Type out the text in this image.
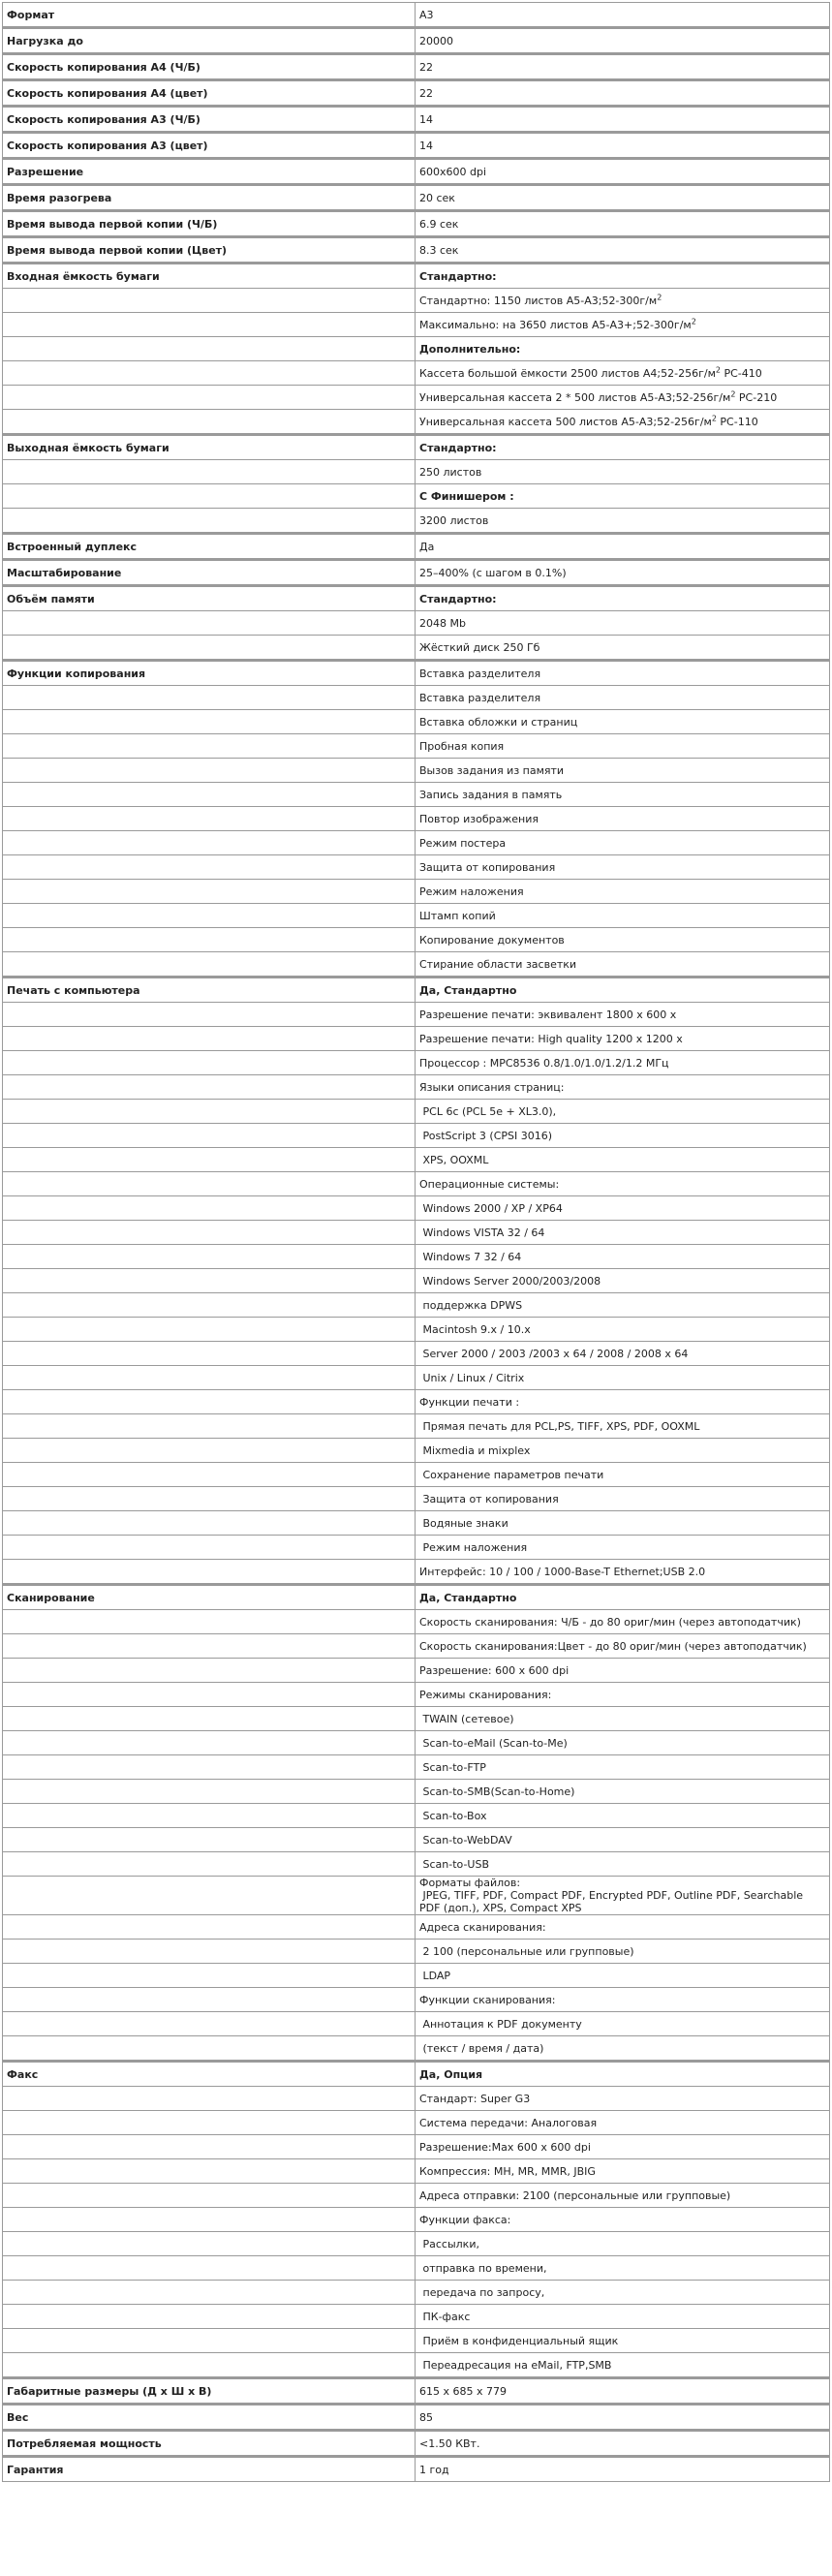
Формат	A3
Нагрузка до	20000
Скорость копирования А4 (Ч/Б)	22
Скорость копирования А4 (цвет)	22
Скорость копирования А3 (Ч/Б)	14
Скорость копирования А3 (цвет)	14
Разрешение	600x600 dpi
Время разогрева	20 сек
Время вывода первой копии (Ч/Б)	6.9 сек
Время вывода первой копии (Цвет)	8.3 сек
Входная ёмкость бумаги	Стандартно:
	Стандартно: 1150 листов $А5-А3;52-300г/м^2$
	Максимально: на 3650 листов $А5-А3+;52-300г/м^2$
	Дополнительно:
	Кассета большой ёмкости 2500 листов $А4;52-256г/м^2$ PC-410
	Универсальная кассета 2 * 500 листов $А5-А3;52-256г/м^2$ PC-210
	Универсальная кассета 500 листов $А5-А3;52-256г/м^2$ PC-110
Выходная ёмкость бумаги	Стандартно:
	250 листов
	С Финишером :
	3200 листов
Встроенный дуплекс	Да
Масштабирование	25–400% (с шагом в 0.1%)
Объём памяти	Стандартно:
	2048 Mb
	Жёсткий диск 250 Гб
Функции копирования	Вставка разделителя
	Вставка разделителя
	Вставка обложки и страниц
	Пробная копия
	Вызов задания из памяти
	Запись задания в память
	Повтор изображения
	Режим постера
	Защита от копирования
	Режим наложения
	Штамп копий
	Копирование документов
	Стирание области засветки
Печать с компьютера	Да, Стандартно
	Разрешение печати: эквивалент 1800 x 600 x
	Разрешение печати: High quality 1200 x 1200 x
	Процессор : MPC8536 0.8/1.0/1.0/1.2/1.2 МГц
	Языки описания страниц:
	PCL 6c (PCL 5e + XL3.0),
	PostScript 3 (CPSI 3016)
	XPS, OOXML
	Операционные системы:
	Windows 2000 / XP / XP64
	Windows VISTA 32 / 64
	Windows 7 32 / 64
	Windows Server 2000/2003/2008
	поддержка DPWS
	Macintosh 9.x / 10.x
	Server 2000 / 2003 /2003 x 64 / 2008 / 2008 x 64
	Unix / Linux / Citrix
	Функции печати :
	Прямая печать для PCL,PS, TIFF, XPS, PDF, OOXML
	Mixmedia и mixplex
	Сохранение параметров печати
	Защита от копирования
	Водяные знаки
	Режим наложения
	Интерфейс: 10 / 100 / 1000-Base-T Ethernet;USB 2.0
Сканирование	Да, Стандартно
	Скорость сканирования: Ч/Б - до 80 ориг/мин (через автоподатчик)
	Скорость сканирования:Цвет - до 80 ориг/мин (через автоподатчик)
	Разрешение: 600 x 600 dpi
	Режимы сканирования:
	TWAIN (сетевое)
	Scan-to-eMail (Scan-to-Me)
	Scan-to-FTP
	Scan-to-SMB(Scan-to-Home)
	Scan-to-Box
	Scan-to-WebDAV
	Scan-to-USB
	Форматы файлов:
JPEG, TIFF, PDF, Compact PDF, Encrypted PDF, Outline PDF, Searchable PDF (доп.), XPS, Compact XPS
	Адреса сканирования:
	2 100 (персональные или групповые)
	LDAP
	Функции сканирования:
	Аннотация к PDF документу
	(текст / время / дата)
Факс	Да, Опция
	Стандарт: Super G3
	Система передачи: Аналоговая
	Разрешение:Max 600 x 600 dpi
	Компрессия: MH, MR, MMR, JBIG
	Адреса отправки: 2100 (персональные или групповые)
	Функции факса:
	Рассылки,
	отправка по времени,
	передача по запросу,
	ПК-факс
	Приём в конфиденциальный ящик
	Переадресация на eMail, FTP,SMB
Габаритные размеры (Д x Ш x В)	615 x 685 x 779
Вес	85
Потребляемая мощность	<1.50 КВт.
Гарантия	1 год
